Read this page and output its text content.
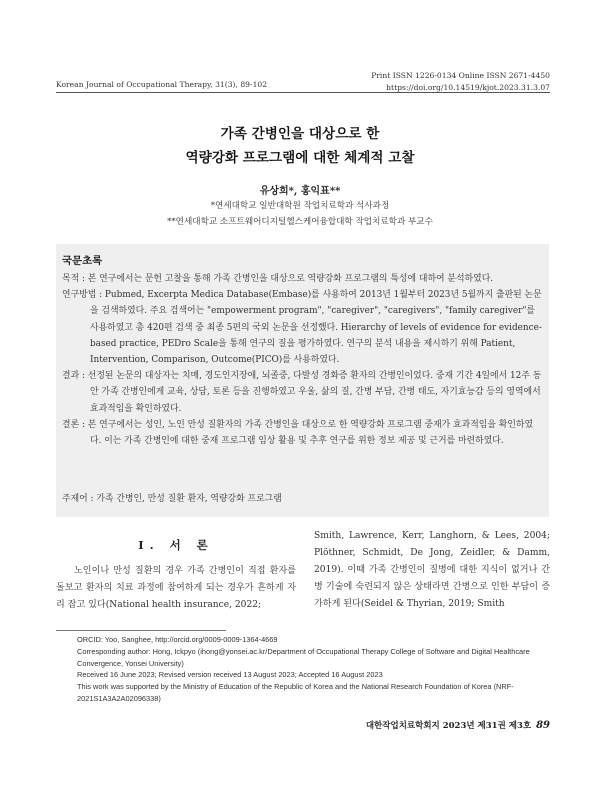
Korean Journal of Occupational Therapy, 31(3), 89-102
Print ISSN 1226-0134 Online ISSN 2671-4450
https://doi.org/10.14519/kjot.2023.31.3.07
가족 간병인을 대상으로 한
역량강화 프로그램에 대한 체계적 고찰
유상희*, 홍익표**
*연세대학교 일반대학원 작업치료학과 석사과정
**연세대학교 소프트웨어디지털헬스케어융합대학 작업치료학과 부교수
국문초록

목적 : 본 연구에서는 문헌 고찰을 통해 가족 간병인을 대상으로 역량강화 프로그램의 특성에 대하여 분석하였다.

연구방법 : Pubmed, Excerpta Medica Database(Embase)를 사용하여 2013년 1월부터 2023년 5월까지 출판된 논문을 검색하였다. 주요 검색어는 "empowerment program", "caregiver", "caregivers", "family caregiver"를 사용하였고 총 420편 검색 중 최종 5편의 국외 논문을 선정했다. Hierarchy of levels of evidence for evidence-based practice, PEDro Scale을 통해 연구의 질을 평가하였다. 연구의 분석 내용을 제시하기 위해 Patient, Intervention, Comparison, Outcome(PICO)를 사용하였다.

결과 : 선정된 논문의 대상자는 치매, 경도인지장애, 뇌졸중, 다발성 경화증 환자의 간병인이었다. 중재 기간 4일에서 12주 동안 가족 간병인에게 교육, 상담, 토론 등을 진행하였고 우울, 삶의 질, 간병 부담, 간병 태도, 자기효능감 등의 영역에서 효과적임을 확인하였다.

결론 : 본 연구에서는 성인, 노인 만성 질환자의 가족 간병인을 대상으로 한 역량강화 프로그램 중재가 효과적임을 확인하였다. 이는 가족 간병인에 대한 중재 프로그램 임상 활용 및 추후 연구를 위한 정보 제공 및 근거를 마련하였다.

주제어 : 가족 간병인, 만성 질환 환자, 역량강화 프로그램
I. 서 론
노인이나 만성 질환의 경우 가족 간병인이 직접 환자를 돌보고 환자의 치료 과정에 참여하게 되는 경우가 흔하게 자리 잡고 있다(National health insurance, 2022;
Smith, Lawrence, Kerr, Langhorn, & Lees, 2004; Plöthner, Schmidt, De Jong, Zeidler, & Damm, 2019). 이때 가족 간병인이 질병에 대한 지식이 없거나 간병 기술에 숙련되지 않은 상태라면 간병으로 인한 부담이 증가하게 된다(Seidel & Thyrian, 2019; Smith
ORCID: Yoo, Sanghee, http://orcid.org/0009-0009-1364-4669
Corresponding author: Hong, Ickpyo (ihong@yonsei.ac.kr/Department of Occupational Therapy College of Software and Digital Healthcare Convergence, Yonsei University)
Received 16 June 2023; Revised version received 13 August 2023; Accepted 16 August 2023
This work was supported by the Ministry of Education of the Republic of Korea and the National Research Foundation of Korea (NRF-2021S1A3A2A02096338)
대한작업치료학회지 2023년 제31권 제3호 89
